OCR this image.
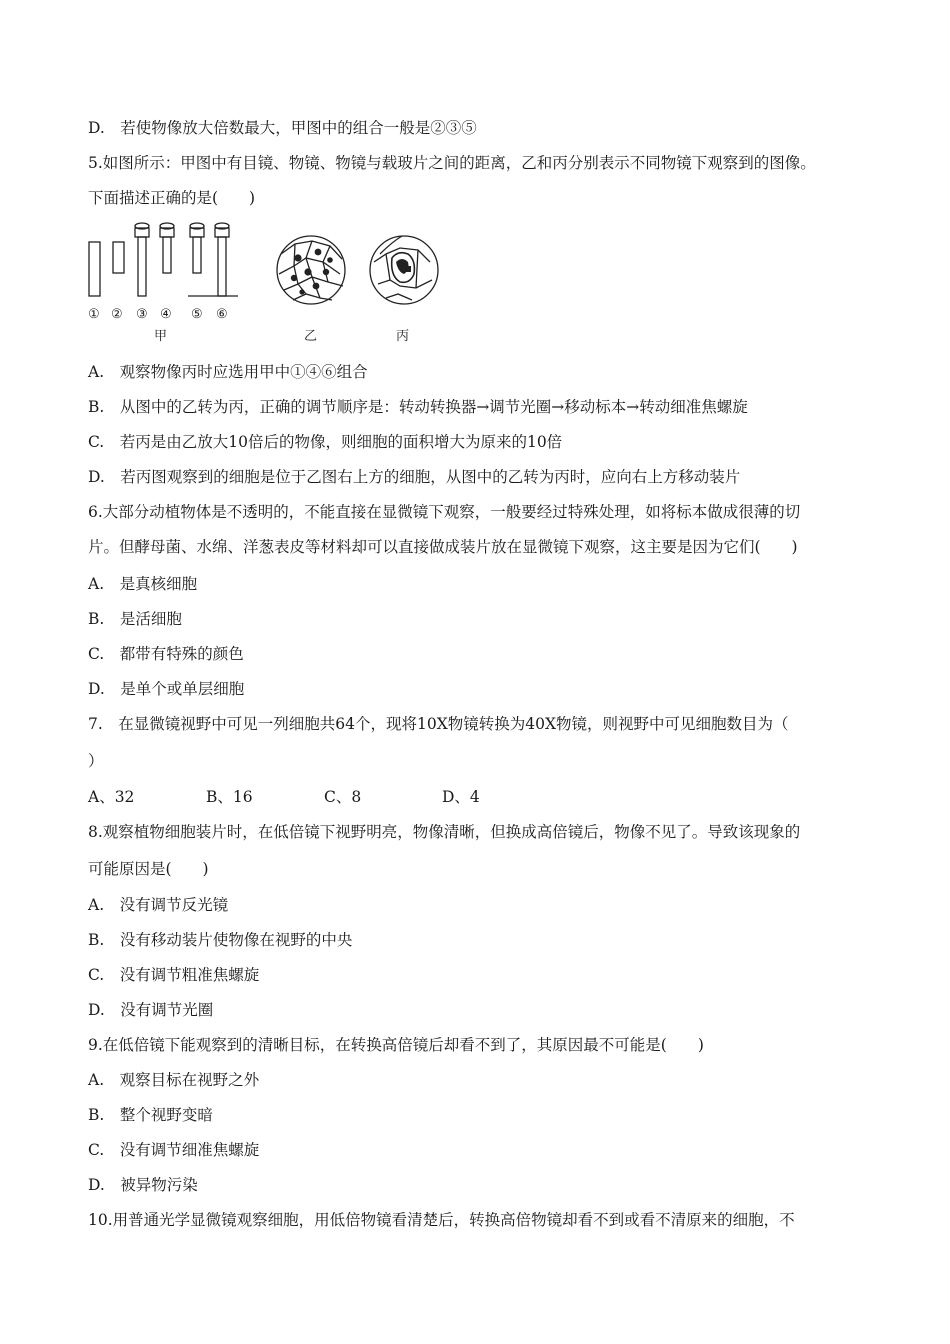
D.　若使物像放大倍数最大，甲图中的组合一般是②③⑤
5.如图所示：甲图中有目镜、物镜、物镜与载玻片之间的距离，乙和丙分别表示不同物镜下观察到的图像。
下面描述正确的是(　　)
① ② ③ ④ ⑤ ⑥
甲	乙	丙
A.　观察物像丙时应选用甲中①④⑥组合
B.　从图中的乙转为丙，正确的调节顺序是：转动转换器→调节光圈→移动标本→转动细准焦螺旋
C.　若丙是由乙放大10倍后的物像，则细胞的面积增大为原来的10倍
D.　若丙图观察到的细胞是位于乙图右上方的细胞，从图中的乙转为丙时，应向右上方移动装片
6.大部分动植物体是不透明的，不能直接在显微镜下观察，一般要经过特殊处理，如将标本做成很薄的切
片。但酵母菌、水绵、洋葱表皮等材料却可以直接做成装片放在显微镜下观察，这主要是因为它们(　　)
A.　是真核细胞
B.　是活细胞
C.　都带有特殊的颜色
D.　是单个或单层细胞
7.　在显微镜视野中可见一列细胞共64个，现将10X物镜转换为40X物镜，则视野中可见细胞数目为（
）
A、32	B、16	C、8	D、4
8.观察植物细胞装片时，在低倍镜下视野明亮，物像清晰，但换成高倍镜后，物像不见了。导致该现象的
可能原因是(　　)
A.　没有调节反光镜
B.　没有移动装片使物像在视野的中央
C.　没有调节粗准焦螺旋
D.　没有调节光圈
9.在低倍镜下能观察到的清晰目标，在转换高倍镜后却看不到了，其原因最不可能是(　　)
A.　观察目标在视野之外
B.　整个视野变暗
C.　没有调节细准焦螺旋
D.　被异物污染
10.用普通光学显微镜观察细胞，用低倍物镜看清楚后，转换高倍物镜却看不到或看不清原来的细胞，不
